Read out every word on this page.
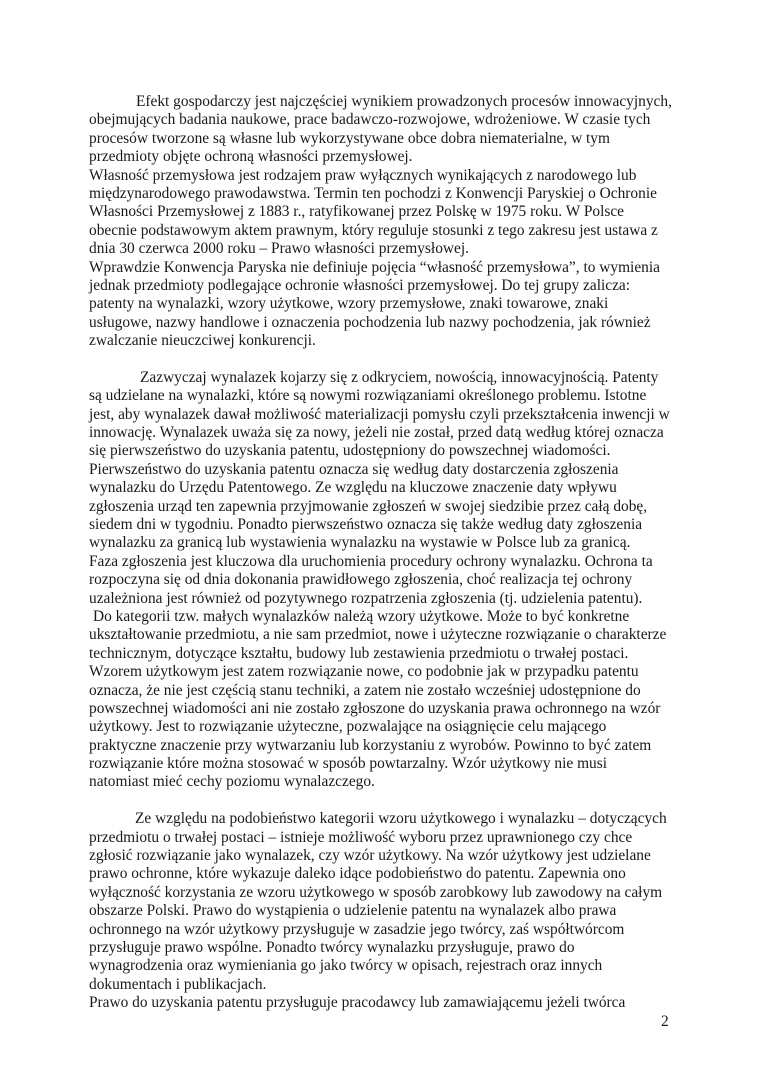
Efekt gospodarczy jest najczęściej wynikiem prowadzonych procesów innowacyjnych,
obejmujących badania naukowe, prace badawczo-rozwojowe, wdrożeniowe. W czasie tych
procesów tworzone są własne lub wykorzystywane obce dobra niematerialne, w tym
przedmioty objęte ochroną własności przemysłowej.
Własność przemysłowa jest rodzajem praw wyłącznych wynikających z narodowego lub
międzynarodowego prawodawstwa. Termin ten pochodzi z Konwencji Paryskiej o Ochronie
Własności Przemysłowej z 1883 r., ratyfikowanej przez Polskę w 1975 roku. W Polsce
obecnie podstawowym aktem prawnym, który reguluje stosunki z tego zakresu jest ustawa z
dnia 30 czerwca 2000 roku – Prawo własności przemysłowej.
Wprawdzie Konwencja Paryska nie definiuje pojęcia “własność przemysłowa”, to wymienia
jednak przedmioty podlegające ochronie własności przemysłowej. Do tej grupy zalicza:
patenty na wynalazki, wzory użytkowe, wzory przemysłowe, znaki towarowe, znaki
usługowe, nazwy handlowe i oznaczenia pochodzenia lub nazwy pochodzenia, jak również
zwalczanie nieuczciwej konkurencji.
Zazwyczaj wynalazek kojarzy się z odkryciem, nowością, innowacyjnością. Patenty
są udzielane na wynalazki, które są nowymi rozwiązaniami określonego problemu. Istotne
jest, aby wynalazek dawał możliwość materializacji pomysłu czyli przekształcenia inwencji w
innowację. Wynalazek uważa się za nowy, jeżeli nie został, przed datą według której oznacza
się pierwszeństwo do uzyskania patentu, udostępniony do powszechnej wiadomości.
Pierwszeństwo do uzyskania patentu oznacza się według daty dostarczenia zgłoszenia
wynalazku do Urzędu Patentowego. Ze względu na kluczowe znaczenie daty wpływu
zgłoszenia urząd ten zapewnia przyjmowanie zgłoszeń w swojej siedzibie przez całą dobę,
siedem dni w tygodniu. Ponadto pierwszeństwo oznacza się także według daty zgłoszenia
wynalazku za granicą lub wystawienia wynalazku na wystawie w Polsce lub za granicą.
Faza zgłoszenia jest kluczowa dla uruchomienia procedury ochrony wynalazku. Ochrona ta
rozpoczyna się od dnia dokonania prawidłowego zgłoszenia, choć realizacja tej ochrony
uzależniona jest również od pozytywnego rozpatrzenia zgłoszenia (tj. udzielenia patentu).
Do kategorii tzw. małych wynalazków należą wzory użytkowe. Może to być konkretne
ukształtowanie przedmiotu, a nie sam przedmiot, nowe i użyteczne rozwiązanie o charakterze
technicznym, dotyczące kształtu, budowy lub zestawienia przedmiotu o trwałej postaci.
Wzorem użytkowym jest zatem rozwiązanie nowe, co podobnie jak w przypadku patentu
oznacza, że nie jest częścią stanu techniki, a zatem nie zostało wcześniej udostępnione do
powszechnej wiadomości ani nie zostało zgłoszone do uzyskania prawa ochronnego na wzór
użytkowy. Jest to rozwiązanie użyteczne, pozwalające na osiągnięcie celu mającego
praktyczne znaczenie przy wytwarzaniu lub korzystaniu z wyrobów. Powinno to być zatem
rozwiązanie które można stosować w sposób powtarzalny. Wzór użytkowy nie musi
natomiast mieć cechy poziomu wynalazczego.
Ze względu na podobieństwo kategorii wzoru użytkowego i wynalazku – dotyczących
przedmiotu o trwałej postaci – istnieje możliwość wyboru przez uprawnionego czy chce
zgłosić rozwiązanie jako wynalazek, czy wzór użytkowy. Na wzór użytkowy jest udzielane
prawo ochronne, które wykazuje daleko idące podobieństwo do patentu. Zapewnia ono
wyłączność korzystania ze wzoru użytkowego w sposób zarobkowy lub zawodowy na całym
obszarze Polski. Prawo do wystąpienia o udzielenie patentu na wynalazek albo prawa
ochronnego na wzór użytkowy przysługuje w zasadzie jego twórcy, zaś współtwórcom
przysługuje prawo wspólne. Ponadto twórcy wynalazku przysługuje, prawo do
wynagrodzenia oraz wymieniania go jako twórcy w opisach, rejestrach oraz innych
dokumentach i publikacjach.
Prawo do uzyskania patentu przysługuje pracodawcy lub zamawiającemu jeżeli twórca
2
